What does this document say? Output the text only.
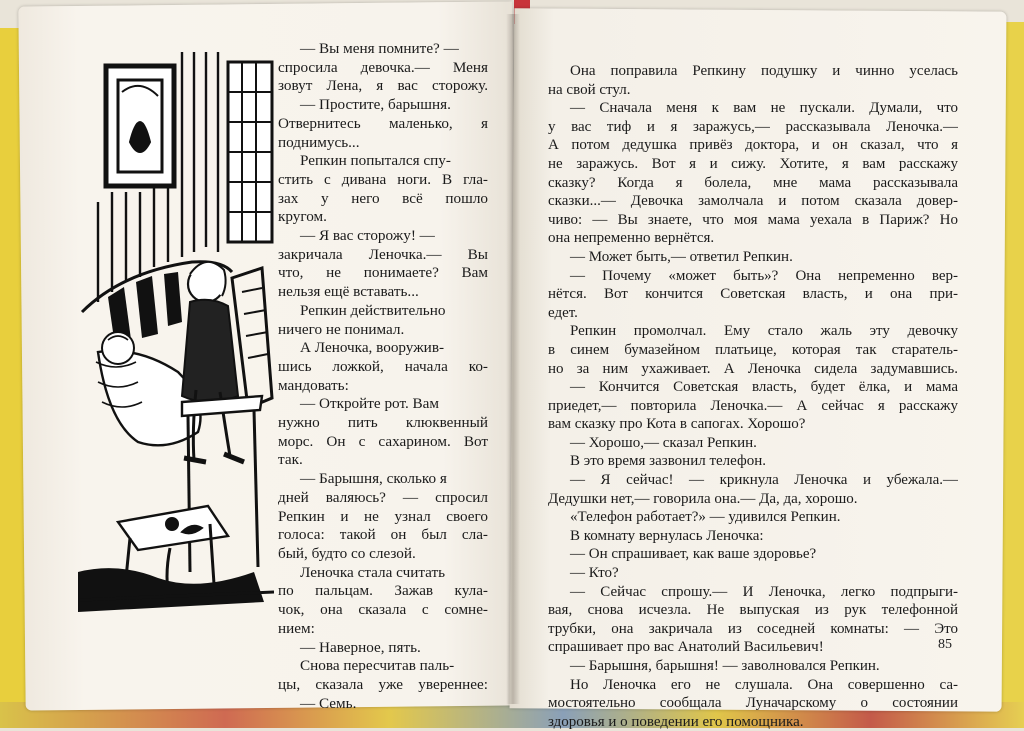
— Вы меня помните? —
спросила девочка.— Меня
зовут Лена, я вас сторожу.
— Простите, барышня.
Отвернитесь маленько, я
поднимусь...
Репкин попытался спу-
стить с дивана ноги. В гла-
зах у него всё пошло
кругом.
— Я вас сторожу! —
закричала Леночка.— Вы
что, не понимаете? Вам
нельзя ещё вставать...
Репкин действительно
ничего не понимал.
А Леночка, вооружив-
шись ложкой, начала ко-
мандовать:
— Откройте рот. Вам
нужно пить клюквенный
морс. Он с сахарином. Вот
так.
— Барышня, сколько я
дней валяюсь? — спросил
Репкин и не узнал своего
голоса: такой он был сла-
бый, будто со слезой.
Леночка стала считать
по пальцам. Зажав кула-
чок, она сказала с сомне-
нием:
— Наверное, пять.
Снова пересчитав паль-
цы, сказала уже увереннее:
— Семь.
Она поправила Репкину подушку и чинно уселась
на свой стул.
— Сначала меня к вам не пускали. Думали, что
у вас тиф и я заражусь,— рассказывала Леночка.—
А потом дедушка привёз доктора, и он сказал, что я
не заражусь. Вот я и сижу. Хотите, я вам расскажу
сказку? Когда я болела, мне мама рассказывала
сказки...— Девочка замолчала и потом сказала довер-
чиво: — Вы знаете, что моя мама уехала в Париж? Но
она непременно вернётся.
— Может быть,— ответил Репкин.
— Почему «может быть»? Она непременно вер-
нётся. Вот кончится Советская власть, и она при-
едет.
Репкин промолчал. Ему стало жаль эту девочку
в синем бумазейном платьице, которая так старатель-
но за ним ухаживает. А Леночка сидела задумавшись.
— Кончится Советская власть, будет ёлка, и мама
приедет,— повторила Леночка.— А сейчас я расскажу
вам сказку про Кота в сапогах. Хорошо?
— Хорошо,— сказал Репкин.
В это время зазвонил телефон.
— Я сейчас! — крикнула Леночка и убежала.—
Дедушки нет,— говорила она.— Да, да, хорошо.
«Телефон работает?» — удивился Репкин.
В комнату вернулась Леночка:
— Он спрашивает, как ваше здоровье?
— Кто?
— Сейчас спрошу.— И Леночка, легко подпрыги-
вая, снова исчезла. Не выпуская из рук телефонной
трубки, она закричала из соседней комнаты: — Это
спрашивает про вас Анатолий Васильевич!
— Барышня, барышня! — заволновался Репкин.
Но Леночка его не слушала. Она совершенно са-
мостоятельно сообщала Луначарскому о состоянии
здоровья и о поведении его помощника.
85
